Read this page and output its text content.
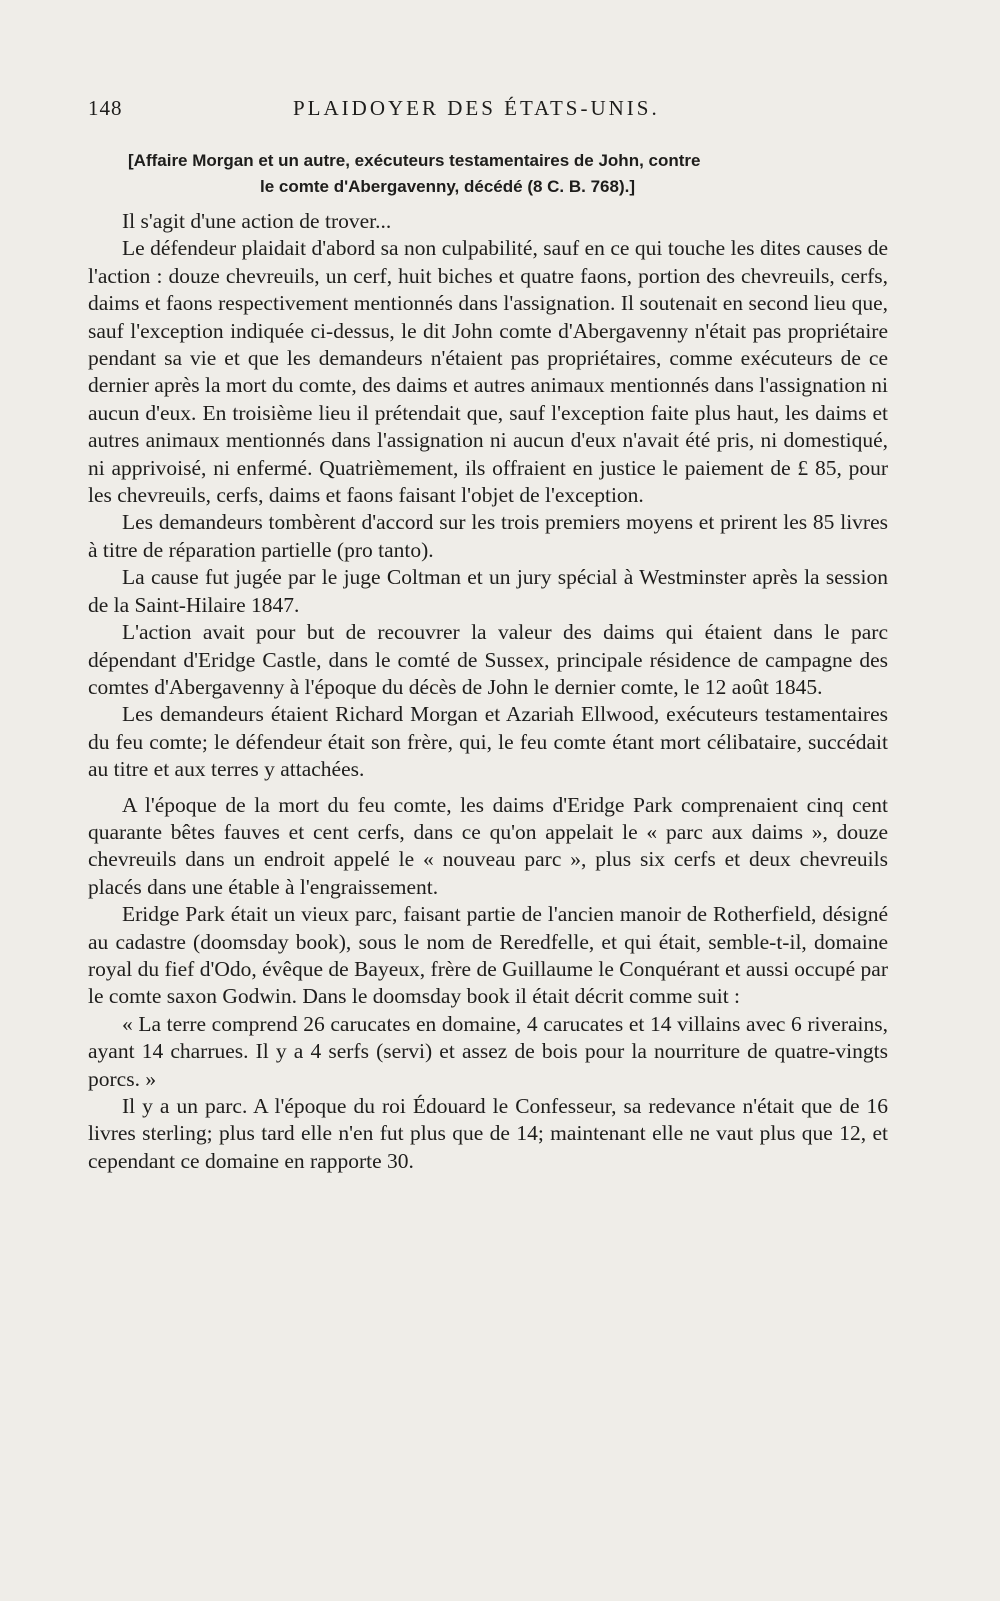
148	PLAIDOYER DES ÉTATS-UNIS.
[Affaire Morgan et un autre, exécuteurs testamentaires de John, contre
le comte d'Abergavenny, décédé (8 C. B. 768).]

Il s'agit d'une action de trover...

Le défendeur plaidait d'abord sa non culpabilité, sauf en ce qui touche les dites causes de l'action : douze chevreuils, un cerf, huit biches et quatre faons, portion des chevreuils, cerfs, daims et faons respectivement mentionnés dans l'assignation. Il soutenait en second lieu que, sauf l'exception indiquée ci-dessus, le dit John comte d'Abergavenny n'était pas propriétaire pendant sa vie et que les demandeurs n'étaient pas propriétaires, comme exécuteurs de ce dernier après la mort du comte, des daims et autres animaux mentionnés dans l'assignation ni aucun d'eux. En troisième lieu il prétendait que, sauf l'exception faite plus haut, les daims et autres animaux mentionnés dans l'assignation ni aucun d'eux n'avait été pris, ni domestiqué, ni apprivoisé, ni enfermé. Quatrièmement, ils offraient en justice le paiement de £ 85, pour les chevreuils, cerfs, daims et faons faisant l'objet de l'exception.

Les demandeurs tombèrent d'accord sur les trois premiers moyens et prirent les 85 livres à titre de réparation partielle (pro tanto).

La cause fut jugée par le juge Coltman et un jury spécial à Westminster après la session de la Saint-Hilaire 1847.

L'action avait pour but de recouvrer la valeur des daims qui étaient dans le parc dépendant d'Eridge Castle, dans le comté de Sussex, principale résidence de campagne des comtes d'Abergavenny à l'époque du décès de John le dernier comte, le 12 août 1845.

Les demandeurs étaient Richard Morgan et Azariah Ellwood, exécuteurs testamentaires du feu comte; le défendeur était son frère, qui, le feu comte étant mort célibataire, succédait au titre et aux terres y attachées.

A l'époque de la mort du feu comte, les daims d'Eridge Park comprenaient cinq cent quarante bêtes fauves et cent cerfs, dans ce qu'on appelait le « parc aux daims », douze chevreuils dans un endroit appelé le « nouveau parc », plus six cerfs et deux chevreuils placés dans une étable à l'engraissement.

Eridge Park était un vieux parc, faisant partie de l'ancien manoir de Rotherfield, désigné au cadastre (doomsday book), sous le nom de Reredfelle, et qui était, semble-t-il, domaine royal du fief d'Odo, évêque de Bayeux, frère de Guillaume le Conquérant et aussi occupé par le comte saxon Godwin. Dans le doomsday book il était décrit comme suit :

« La terre comprend 26 carucates en domaine, 4 carucates et 14 villains avec 6 riverains, ayant 14 charrues. Il y a 4 serfs (servi) et assez de bois pour la nourriture de quatre-vingts porcs. »

Il y a un parc. A l'époque du roi Édouard le Confesseur, sa redevance n'était que de 16 livres sterling; plus tard elle n'en fut plus que de 14; maintenant elle ne vaut plus que 12, et cependant ce domaine en rapporte 30.
